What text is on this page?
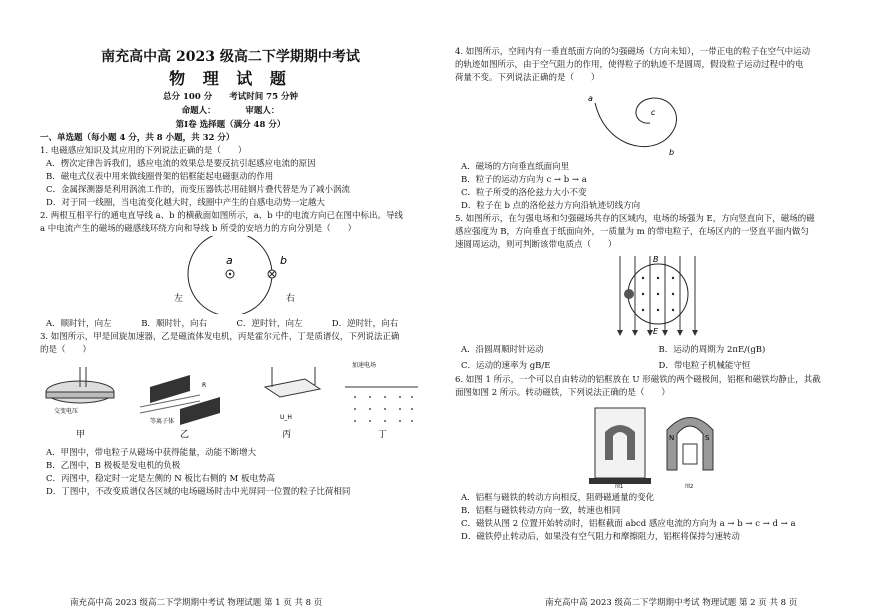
南充高中高 2023 级高二下学期期中考试
物 理 试 题
总分 100 分　　考试时间 75 分钟
命题人：　　　　审题人：
第Ⅰ卷 选择题（满分 48 分）

一、单选题（每小题 4 分，共 8 小题，共 32 分）

1. 电磁感应知识及其应用的下列说法正确的是（　　）

A．楞次定律告诉我们，感应电流的效果总是要反抗引起感应电流的原因

B．磁电式仪表中用来做线圈骨架的铝框能起电磁驱动的作用

C．金属探测器是利用涡流工作的，而变压器铁芯用硅钢片叠代替是为了减小涡流

D．对于同一线圈，当电流变化越大时，线圈中产生的自感电动势一定越大

2. 两根互相平行的通电直导线 a、b 的横截面如图所示，a、b 中的电流方向已在图中标出。导线

a 中电流产生的磁场的磁感线环绕方向和导线 b 所受的安培力的方向分别是（　　）

a	b
左	右
A．顺时针，向左	B．顺时针，向右	C．逆时针，向左	D．逆时针，向右

3. 如图所示，甲是回旋加速器，乙是磁流体发电机，丙是霍尔元件，丁是质谱仪，下列说法正确

的是（　　）

交变电压
甲
R
等离子体
乙
U_H
丙
加速电场
丁

A．甲图中，带电粒子从磁场中获得能量，动能不断增大

B．乙图中，B 极板是发电机的负极

C．丙图中，稳定时一定是左侧的 N 板比右侧的 M 板电势高

D．丁图中，不改变质谱仪各区域的电场磁场时击中光屏同一位置的粒子比荷相同

南充高中高 2023 级高二下学期期中考试 物理试题 第 1 页 共 8 页

4. 如图所示，空间内有一垂直纸面方向的匀强磁场（方向未知），一带正电的粒子在空气中运动

的轨迹如图所示，由于空气阻力的作用，使得粒子的轨迹不是圆周，假设粒子运动过程中的电

荷量不变。下列说法正确的是（　　）

a
c
b

A．磁场的方向垂直纸面向里

B．粒子的运动方向为 c → b → a

C．粒子所受的洛伦兹力大小不变

D．粒子在 b 点的洛伦兹力方向沿轨迹切线方向

5. 如图所示，在匀强电场和匀强磁场共存的区域内，电场的场强为 E，方向竖直向下，磁场的磁

感应强度为 B，方向垂直于纸面向外，一质量为 m 的带电粒子，在场区内的一竖直平面内做匀

速圆周运动，则可判断该带电质点（　　）

B
E
A．沿圆周顺时针运动	B．运动的周期为 2πE/(gB)
C．运动的速率为 gB/E	D．带电粒子机械能守恒

6. 如图 1 所示，一个可以自由转动的铝框放在 U 形磁铁的两个磁极间，铝框和磁铁均静止，其截

面图如图 2 所示。转动磁铁，下列说法正确的是（　　）

图1
N	S
图2

A．铝框与磁铁的转动方向相反，阻碍磁通量的变化

B．铝框与磁铁转动方向一致，转速也相同

C．磁铁从图 2 位置开始转动时，铝框截面 abcd 感应电流的方向为 a → b → c → d → a

D．磁铁停止转动后，如果没有空气阻力和摩擦阻力，铝框将保持匀速转动

南充高中高 2023 级高二下学期期中考试 物理试题 第 2 页 共 8 页
